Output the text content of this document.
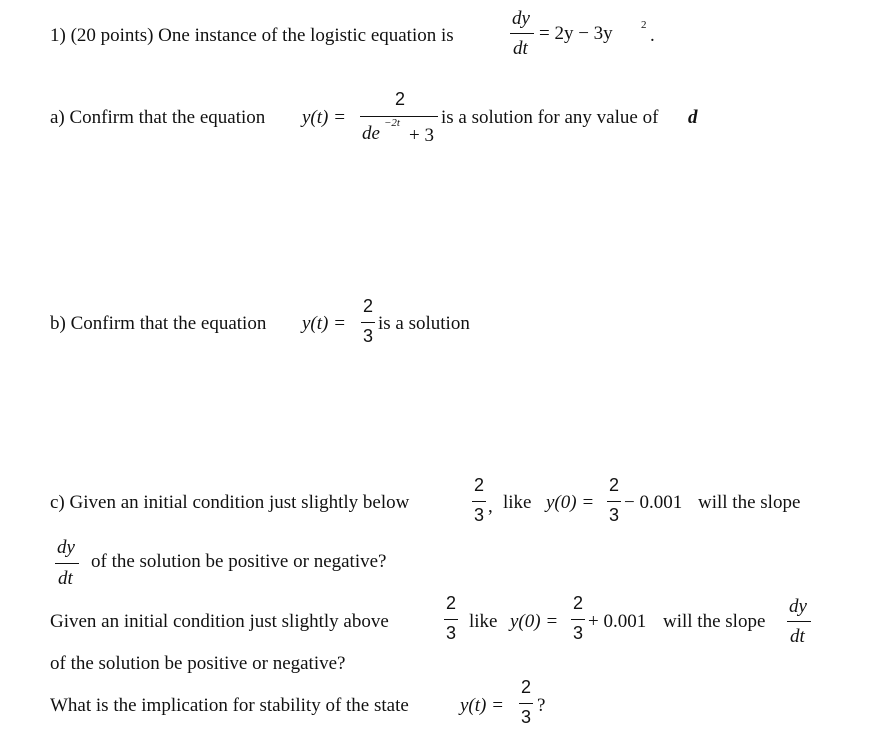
1) (20 points) One instance of the logistic equation is
dy
dt
= 2y − 3y	2 .
a) Confirm that the equation y(t) =
2
de −2t
+ 3
is a solution for any value of d
b) Confirm that the equation y(t) =
2
3
is a solution
c) Given an initial condition just slightly below
2
3 , like y(0) =
2
3
− 0.001 will the slope
dy
dt
of the solution be positive or negative?
Given an initial condition just slightly above
2
3
like y(0) =
2
3
+ 0.001 will the slope
dy
dt
of the solution be positive or negative?
What is the implication for stability of the state	y(t) =
2
3
?
